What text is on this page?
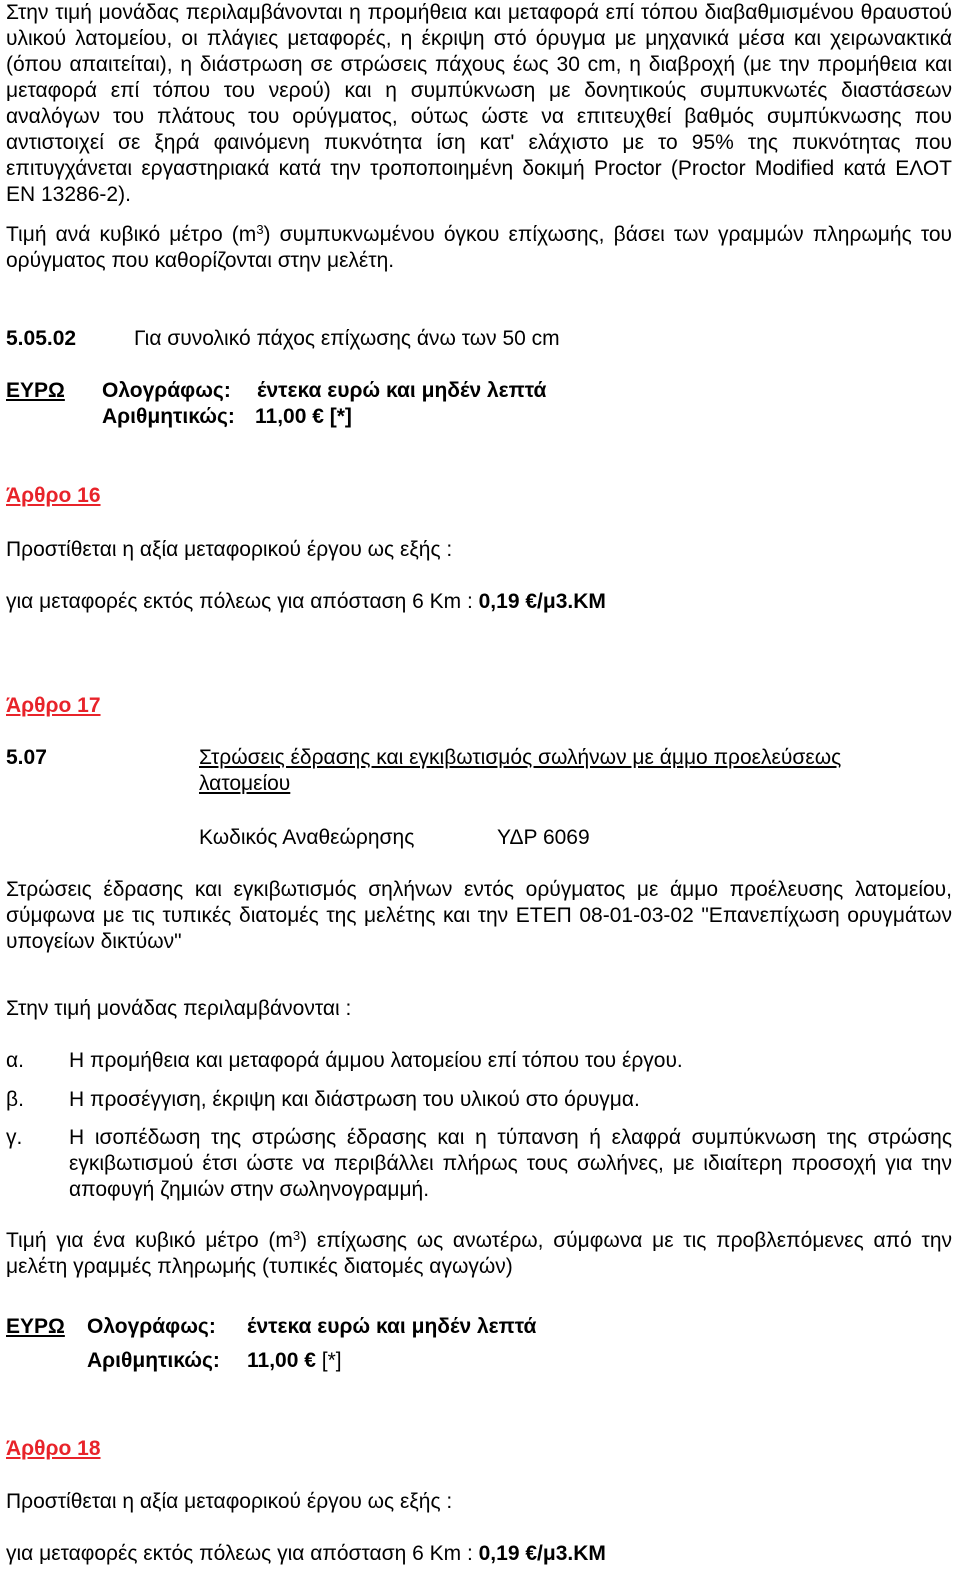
Στην τιμή μονάδας περιλαμβάνονται η προμήθεια και μεταφορά επί τόπου διαβαθμισμένου θραυστού υλικού λατομείου, οι πλάγιες μεταφορές, η έκριψη στό όρυγμα με μηχανικά μέσα και χειρωνακτικά (όπου απαιτείται), η διάστρωση σε στρώσεις πάχους έως 30 cm, η διαβροχή (με την προμήθεια και μεταφορά επί τόπου του νερού) και η συμπύκνωση με δονητικούς συμπυκνωτές διαστάσεων αναλόγων του πλάτους του ορύγματος, ούτως ώστε να επιτευχθεί βαθμός συμπύκνωσης που αντιστοιχεί σε ξηρά φαινόμενη πυκνότητα ίση κατ' ελάχιστο με το 95% της πυκνότητας που επιτυγχάνεται εργαστηριακά κατά την τροποποιημένη δοκιμή Proctor (Proctor Modified κατά ΕΛΟΤ ΕΝ 13286-2).
Τιμή ανά κυβικό μέτρο $(m^3)$ συμπυκνωμένου όγκου επίχωσης, βάσει των γραμμών πληρωμής του ορύγματος που καθορίζονται στην μελέτη.
5.05.02	Για συνολικό πάχος επίχωσης άνω των 50 cm
ΕΥΡΩ Ολογράφως: έντεκα ευρώ και μηδέν λεπτά
Αριθμητικώς: 11,00 € [*]
Άρθρο 16
Προστίθεται η αξία μεταφορικού έργου ως εξής :
για μεταφορές εκτός πόλεως για απόσταση 6 Km : 0,19 €/μ3.ΚΜ
Άρθρο 17
5.07	Στρώσεις έδρασης και εγκιβωτισμός σωλήνων με άμμο προελεύσεως λατομείου
Κωδικός Αναθεώρησης	ΥΔΡ 6069
Στρώσεις έδρασης και εγκιβωτισμός σηλήνων εντός ορύγματος με άμμο προέλευσης λατομείου, σύμφωνα με τις τυπικές διατομές της μελέτης και την ΕΤΕΠ 08-01-03-02 "Επανεπίχωση ορυγμάτων υπογείων δικτύων"
Στην τιμή μονάδας περιλαμβάνονται :
α. Η προμήθεια και μεταφορά άμμου λατομείου επί τόπου του έργου.
β. Η προσέγγιση, έκριψη και διάστρωση του υλικού στο όρυγμα.
γ. Η ισοπέδωση της στρώσης έδρασης και η τύπανση ή ελαφρά συμπύκνωση της στρώσης εγκιβωτισμού έτσι ώστε να περιβάλλει πλήρως τους σωλήνες, με ιδιαίτερη προσοχή για την αποφυγή ζημιών στην σωληνογραμμή.
Τιμή για ένα κυβικό μέτρο $(m^3)$ επίχωσης ως ανωτέρω, σύμφωνα με τις προβλεπόμενες από την μελέτη γραμμές πληρωμής (τυπικές διατομές αγωγών)
ΕΥΡΩ Ολογράφως: έντεκα ευρώ και μηδέν λεπτά
Αριθμητικώς: 11,00 € [*]
Άρθρο 18
Προστίθεται η αξία μεταφορικού έργου ως εξής :
για μεταφορές εκτός πόλεως για απόσταση 6 Km : 0,19 €/μ3.ΚΜ
